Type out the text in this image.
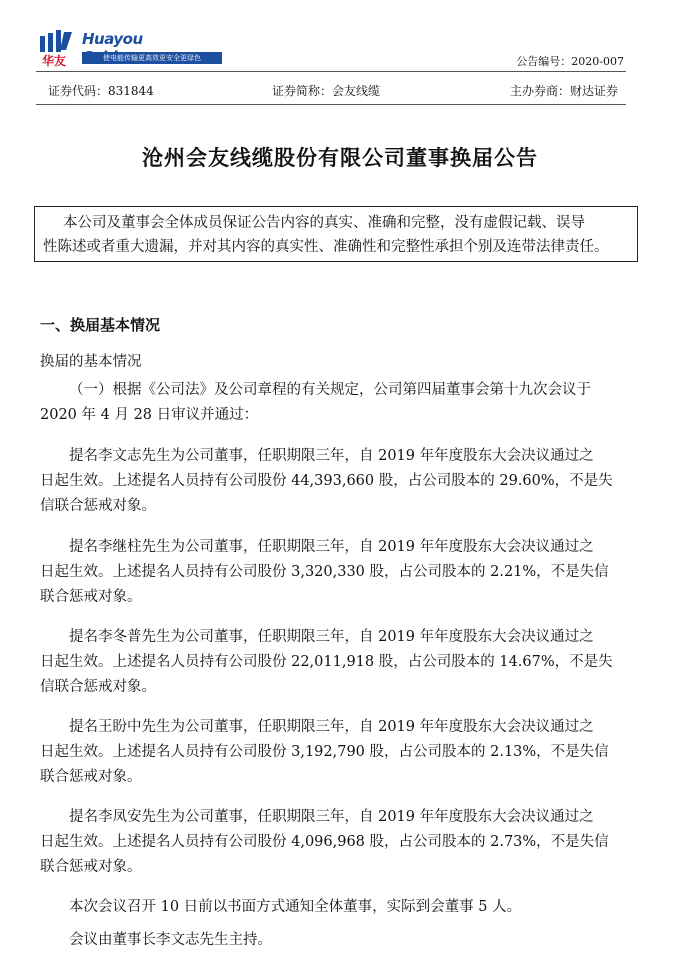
华友
Huayou
使电能传输更高效更安全更绿色	公告编号：2020-007
证券代码：831844	证券简称：会友线缆	主办券商：财达证券
沧州会友线缆股份有限公司董事换届公告
本公司及董事会全体成员保证公告内容的真实、准确和完整，没有虚假记载、误导
性陈述或者重大遗漏，并对其内容的真实性、准确性和完整性承担个别及连带法律责任。
一、换届基本情况
换届的基本情况
（一）根据《公司法》及公司章程的有关规定，公司第四届董事会第十九次会议于
2020 年 4 月 28 日审议并通过：
提名李文志先生为公司董事，任职期限三年，自 2019 年年度股东大会决议通过之
日起生效。上述提名人员持有公司股份 44,393,660 股，占公司股本的 29.60%，不是失
信联合惩戒对象。
提名李继柱先生为公司董事，任职期限三年，自 2019 年年度股东大会决议通过之
日起生效。上述提名人员持有公司股份 3,320,330 股，占公司股本的 2.21%，不是失信
联合惩戒对象。
提名李冬普先生为公司董事，任职期限三年，自 2019 年年度股东大会决议通过之
日起生效。上述提名人员持有公司股份 22,011,918 股，占公司股本的 14.67%，不是失
信联合惩戒对象。
提名王盼中先生为公司董事，任职期限三年，自 2019 年年度股东大会决议通过之
日起生效。上述提名人员持有公司股份 3,192,790 股，占公司股本的 2.13%，不是失信
联合惩戒对象。
提名李凤安先生为公司董事，任职期限三年，自 2019 年年度股东大会决议通过之
日起生效。上述提名人员持有公司股份 4,096,968 股，占公司股本的 2.73%，不是失信
联合惩戒对象。
本次会议召开 10 日前以书面方式通知全体董事，实际到会董事 5 人。
会议由董事长李文志先生主持。
